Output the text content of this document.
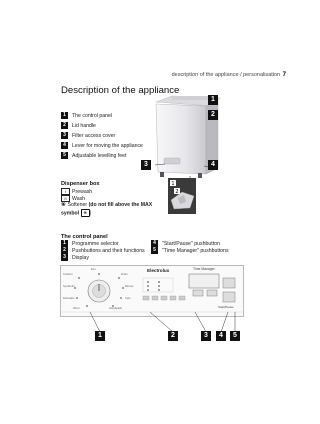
description of the appliance / personalisation 7
Description of the appliance
1 The control panel
2 Lid handle
3 Filter access cover
4 Lever for moving the appliance
5 Adjustable levelling feet
1
2
3	4
Dispenser box
I Prewash
II Wash
❀ Softener (do not fill above the MAX symbol ❀ )
1
2
The control panel
1 Programme selector
2 Pushbuttons and their functions
3 Display
4 "Start/Pause" pushbutton
5 "Time Manager" pushbuttons
Electrolux	Time Manager
Start/Pause
Cottons
Synthetic
Delicates
Wool	Handwash
Spin
Rinses
Drain
Eco
1	2	3	4	5
